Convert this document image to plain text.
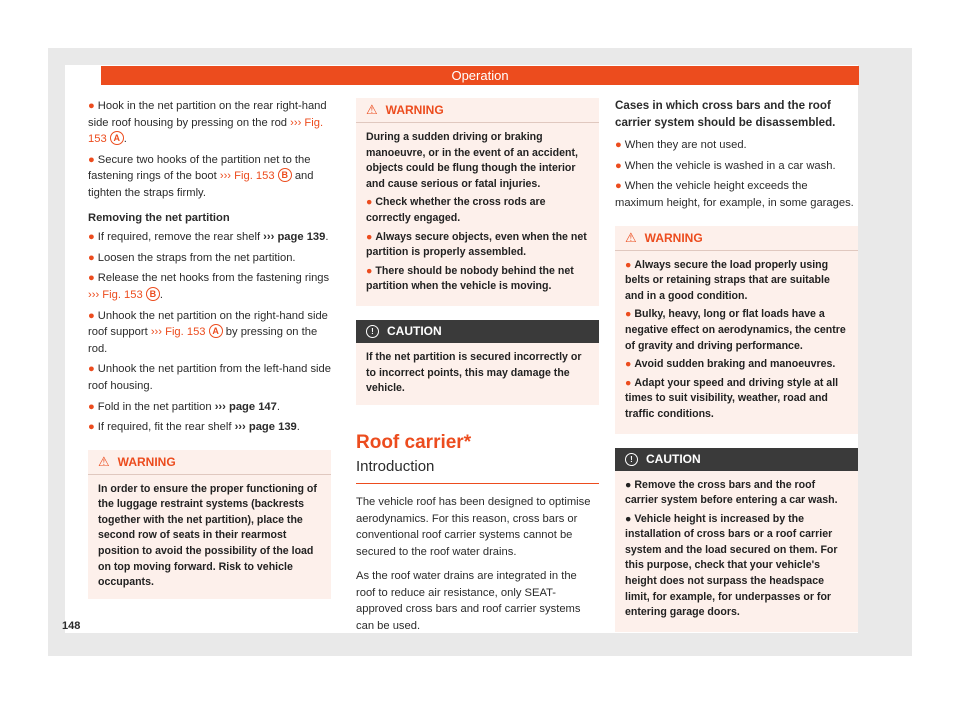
Operation

● Hook in the net partition on the rear right-hand side roof housing by pressing on the rod ››› Fig. 153 A .

● Secure two hooks of the partition net to the fastening rings of the boot ››› Fig. 153 B and tighten the straps firmly.

Removing the net partition

● If required, remove the rear shelf ››› page 139.

● Loosen the straps from the net partition.

● Release the net hooks from the fastening rings ››› Fig. 153 B .

● Unhook the net partition on the right-hand side roof support ››› Fig. 153 A by pressing on the rod.

● Unhook the net partition from the left-hand side roof housing.

● Fold in the net partition ››› page 147.

● If required, fit the rear shelf ››› page 139.

⚠ WARNING
In order to ensure the proper functioning of the luggage restraint systems (backrests together with the net partition), place the second row of seats in their rearmost position to avoid the possibility of the load on top moving forward. Risk to vehicle occupants.
⚠ WARNING

During a sudden driving or braking manoeuvre, or in the event of an accident, objects could be flung though the interior and cause serious or fatal injuries.

● Check whether the cross rods are correctly engaged.

● Always secure objects, even when the net partition is properly assembled.

● There should be nobody behind the net partition when the vehicle is moving.

! CAUTION
If the net partition is secured incorrectly or to incorrect points, this may damage the vehicle.
Roof carrier*
Introduction

The vehicle roof has been designed to optimise aerodynamics. For this reason, cross bars or conventional roof carrier systems cannot be secured to the roof water drains.

As the roof water drains are integrated in the roof to reduce air resistance, only SEAT-approved cross bars and roof carrier systems can be used.

Cases in which cross bars and the roof carrier system should be disassembled.

● When they are not used.

● When the vehicle is washed in a car wash.

● When the vehicle height exceeds the maximum height, for example, in some garages.

⚠ WARNING

● Always secure the load properly using belts or retaining straps that are suitable and in a good condition.

● Bulky, heavy, long or flat loads have a negative effect on aerodynamics, the centre of gravity and driving performance.

● Avoid sudden braking and manoeuvres.

● Adapt your speed and driving style at all times to suit visibility, weather, road and traffic conditions.

! CAUTION

● Remove the cross bars and the roof carrier system before entering a car wash.

● Vehicle height is increased by the installation of cross bars or a roof carrier system and the load secured on them. For this purpose, check that your vehicle's height does not surpass the headspace limit, for example, for underpasses or for entering garage doors.

148
